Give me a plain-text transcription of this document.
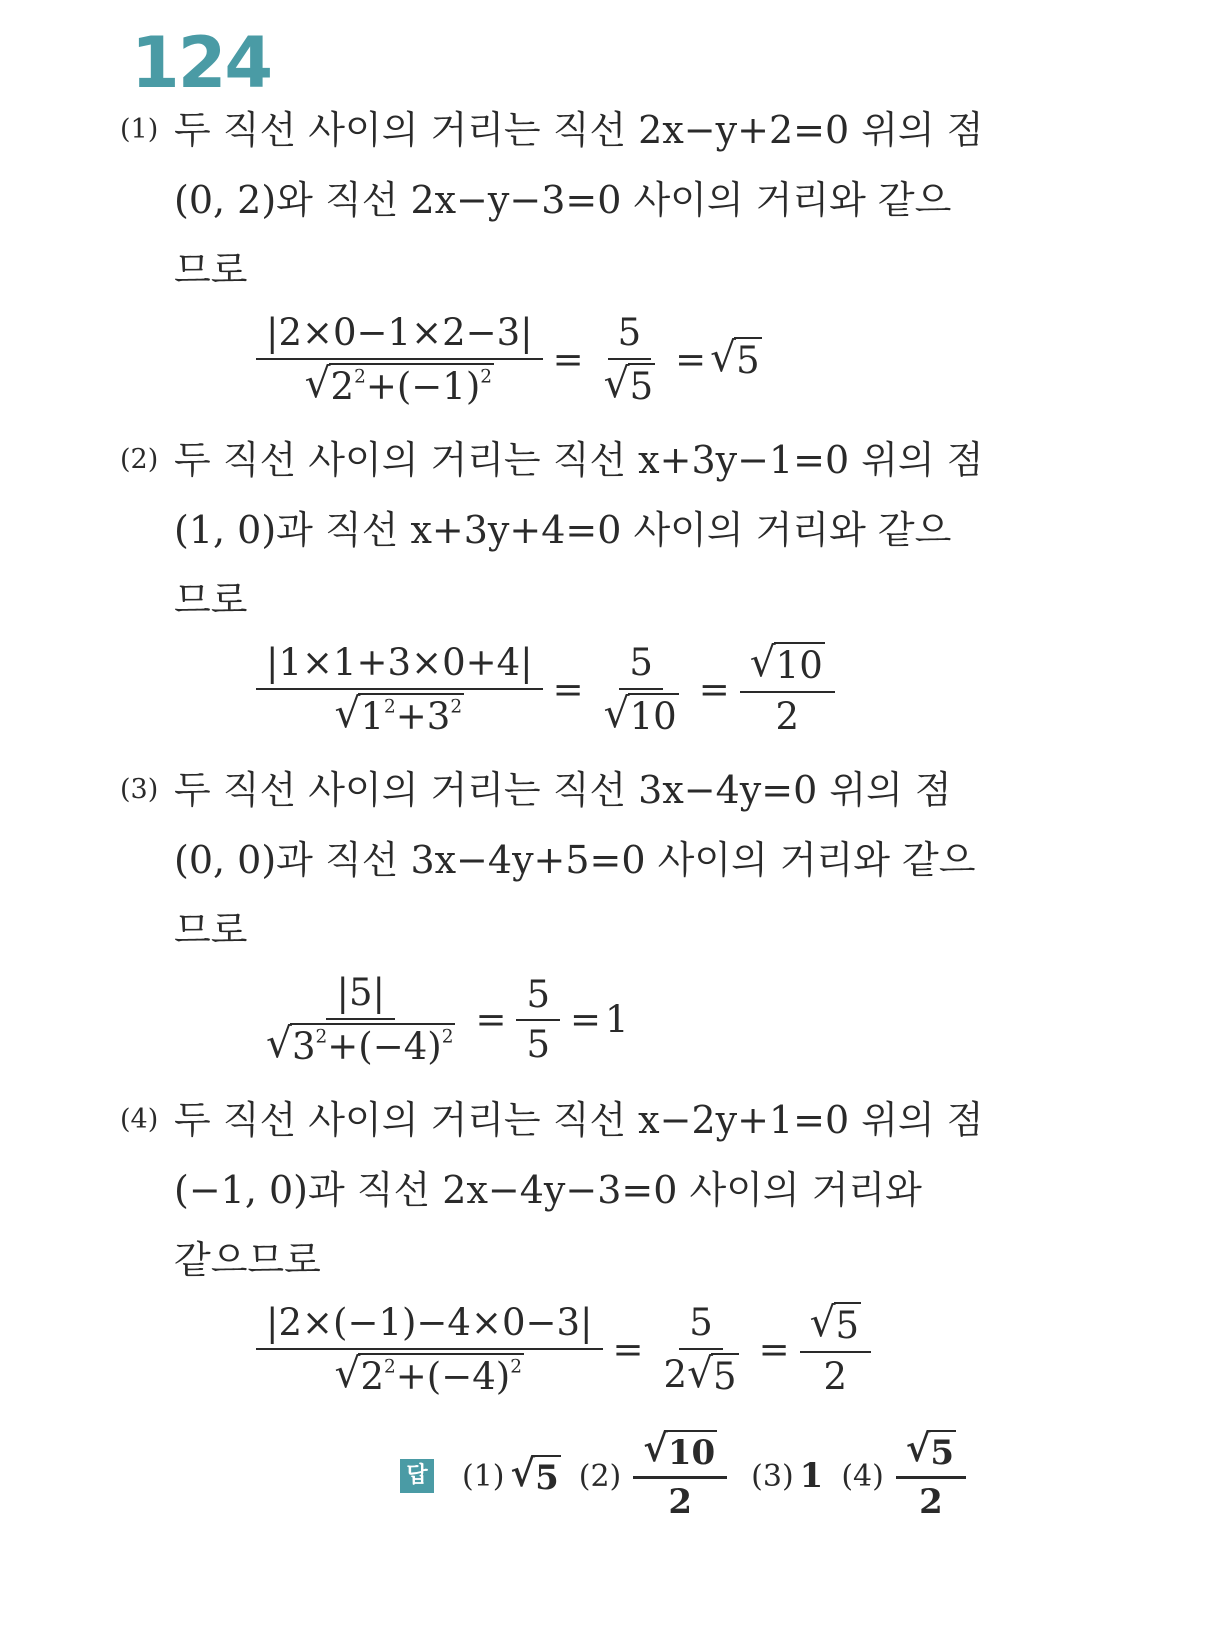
124
(1) 두 직선 사이의 거리는 직선 2x−y+2=0 위의 점
(0, 2)와 직선 2x−y−3=0 사이의 거리와 같으
므로
$\frac{|2\times 0-1\times 2-3|}{√ 2^2+(-1)^2} = \frac{5}{√ 5}$ = √ 5
(2) 두 직선 사이의 거리는 직선 x+3y−1=0 위의 점
(1, 0)과 직선 x+3y+4=0 사이의 거리와 같으
므로
$\frac{|1\times 1+3\times 0+4|}{√ 1^2+3^2} = \frac{5}{√ 10} = \frac{√ 10}{2}$
(3) 두 직선 사이의 거리는 직선 3x−4y=0 위의 점
(0, 0)과 직선 3x−4y+5=0 사이의 거리와 같으
므로
$\frac{|5|}{√ 3^2+(-4)^2} = \frac{5}{5} = 1$
(4) 두 직선 사이의 거리는 직선 x−2y+1=0 위의 점
(−1, 0)과 직선 2x−4y−3=0 사이의 거리와
같으므로
$\frac{|2\times(-1)-4\times 0-3|}{√ 2^2+(-4)^2} = \frac{5}{2 √ 5} = \frac{√ 5}{2}$
답 (1) √ 5 $(2) \frac{√ 10}{2} (3)$ 1 $(4) \frac{√ 5}{2}$
